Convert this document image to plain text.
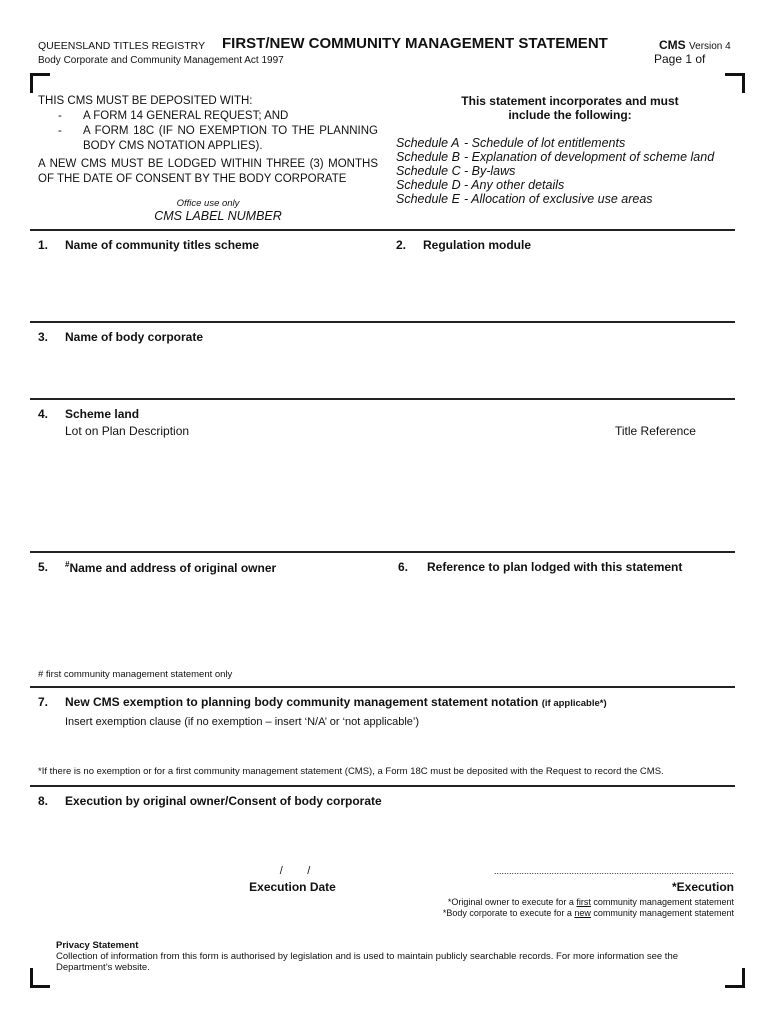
QUEENSLAND TITLES REGISTRY FIRST/NEW COMMUNITY MANAGEMENT STATEMENT	CMS Version 4
Body Corporate and Community Management Act 1997	Page 1 of
THIS CMS MUST BE DEPOSITED WITH:
-	A FORM 14 GENERAL REQUEST; AND
-	A FORM 18C (IF NO EXEMPTION TO THE PLANNING BODY CMS NOTATION APPLIES).
A NEW CMS MUST BE LODGED WITHIN THREE (3) MONTHS OF THE DATE OF CONSENT BY THE BODY CORPORATE
Office use only
CMS LABEL NUMBER
This statement incorporates and must
include the following:
Schedule A - Schedule of lot entitlements
Schedule B - Explanation of development of scheme land
Schedule C - By-laws
Schedule D - Any other details
Schedule E - Allocation of exclusive use areas
1. Name of community titles scheme	2. Regulation module
3. Name of body corporate
4. Scheme land
Lot on Plan Description	Title Reference
5. #Name and address of original owner	6. Reference to plan lodged with this statement
# first community management statement only
7. New CMS exemption to planning body community management statement notation (if applicable*)
Insert exemption clause (if no exemption – insert ‘N/A’ or ‘not applicable’)
*If there is no exemption or for a first community management statement (CMS), a Form 18C must be deposited with the Request to record the CMS.
8. Execution by original owner/Consent of body corporate
/        /
Execution Date
................................................................................................
*Execution
*Original owner to execute for a first community management statement
*Body corporate to execute for a new community management statement
Privacy Statement
Collection of information from this form is authorised by legislation and is used to maintain publicly searchable records. For more information see the Department’s website.
